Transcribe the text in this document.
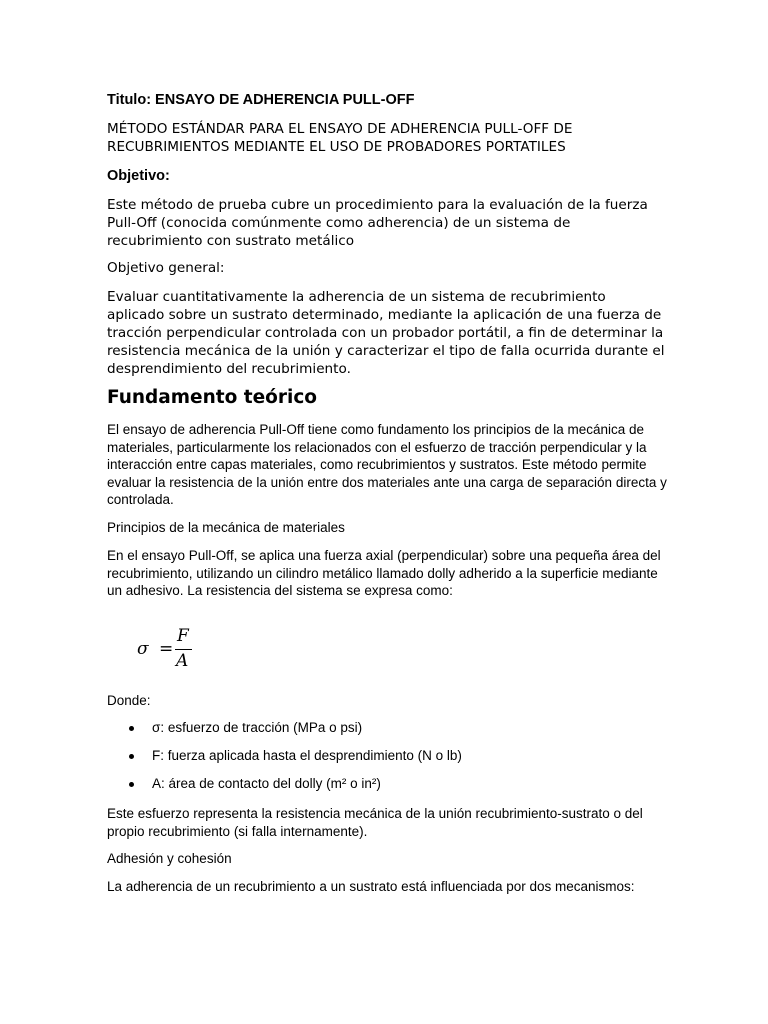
Titulo: ENSAYO DE ADHERENCIA PULL-OFF

MÉTODO ESTÁNDAR PARA EL ENSAYO DE ADHERENCIA PULL-OFF DE RECUBRIMIENTOS MEDIANTE EL USO DE PROBADORES PORTATILES

Objetivo:

Este método de prueba cubre un procedimiento para la evaluación de la fuerza Pull-Off (conocida comúnmente como adherencia) de un sistema de recubrimiento con sustrato metálico

Objetivo general:

Evaluar cuantitativamente la adherencia de un sistema de recubrimiento aplicado sobre un sustrato determinado, mediante la aplicación de una fuerza de tracción perpendicular controlada con un probador portátil, a fin de determinar la resistencia mecánica de la unión y caracterizar el tipo de falla ocurrida durante el desprendimiento del recubrimiento.

Fundamento teórico

El ensayo de adherencia Pull-Off tiene como fundamento los principios de la mecánica de materiales, particularmente los relacionados con el esfuerzo de tracción perpendicular y la interacción entre capas materiales, como recubrimientos y sustratos. Este método permite evaluar la resistencia de la unión entre dos materiales ante una carga de separación directa y controlada.

Principios de la mecánica de materiales

En el ensayo Pull-Off, se aplica una fuerza axial (perpendicular) sobre una pequeña área del recubrimiento, utilizando un cilindro metálico llamado dolly adherido a la superficie mediante un adhesivo. La resistencia del sistema se expresa como:

σ =
F
A

Donde:

σ: esfuerzo de tracción (MPa o psi)
F: fuerza aplicada hasta el desprendimiento (N o lb)
A: área de contacto del dolly (m² o in²)

Este esfuerzo representa la resistencia mecánica de la unión recubrimiento-sustrato o del propio recubrimiento (si falla internamente).

Adhesión y cohesión

La adherencia de un recubrimiento a un sustrato está influenciada por dos mecanismos:
